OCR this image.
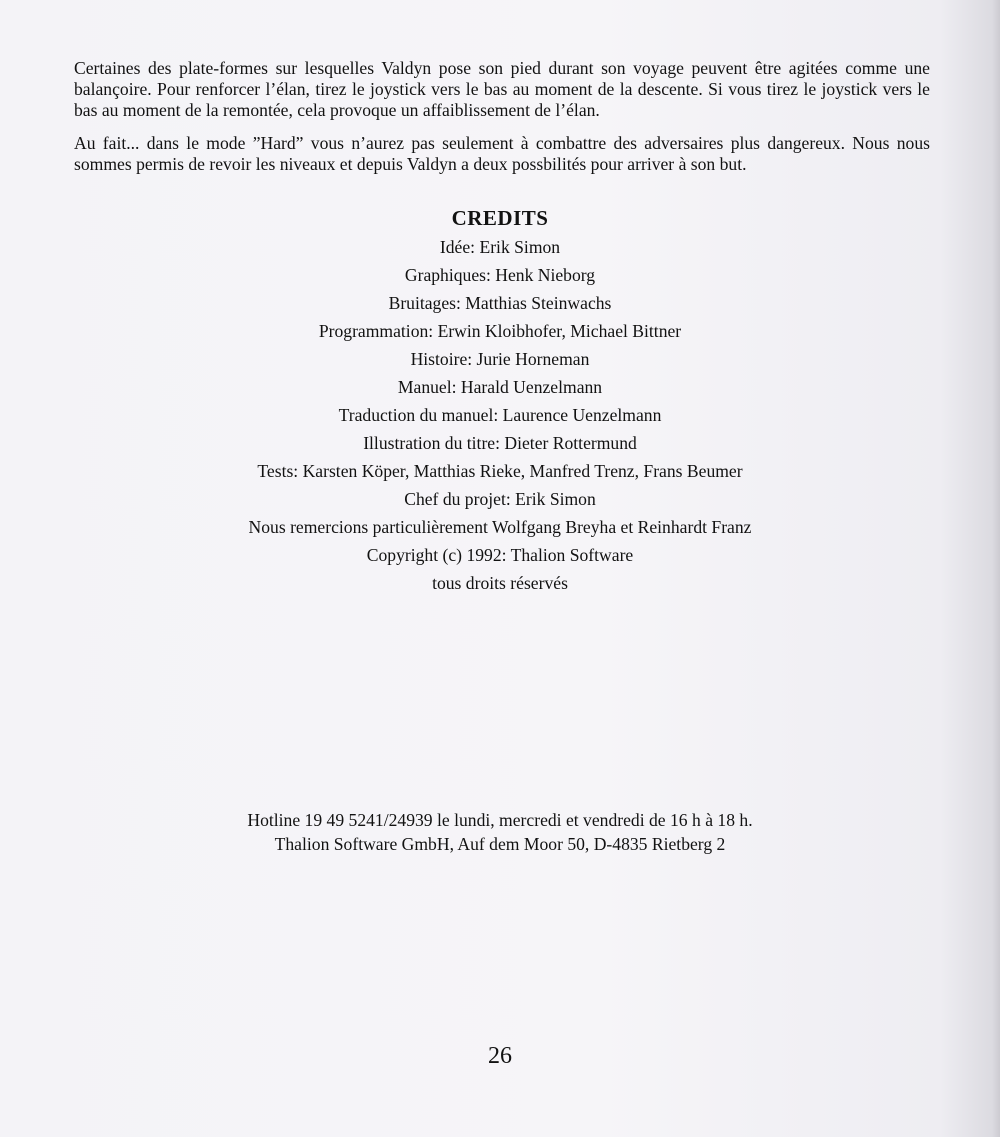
Certaines des plate-formes sur lesquelles Valdyn pose son pied durant son voyage peuvent être agitées comme une balançoire. Pour renforcer l’élan, tirez le joystick vers le bas au moment de la descente. Si vous tirez le joystick vers le bas au moment de la remontée, cela provoque un affaiblissement de l’élan.

Au fait... dans le mode ”Hard” vous n’aurez pas seulement à combattre des adversaires plus dangereux. Nous nous sommes permis de revoir les niveaux et depuis Valdyn a deux possbilités pour arriver à son but.

CREDITS
Idée: Erik Simon
Graphiques: Henk Nieborg
Bruitages: Matthias Steinwachs
Programmation: Erwin Kloibhofer, Michael Bittner
Histoire: Jurie Horneman
Manuel: Harald Uenzelmann
Traduction du manuel: Laurence Uenzelmann
Illustration du titre: Dieter Rottermund
Tests: Karsten Köper, Matthias Rieke, Manfred Trenz, Frans Beumer
Chef du projet: Erik Simon
Nous remercions particulièrement Wolfgang Breyha et Reinhardt Franz
Copyright (c) 1992: Thalion Software
tous droits réservés
Hotline 19 49 5241/24939 le lundi, mercredi et vendredi de 16 h à 18 h.
Thalion Software GmbH, Auf dem Moor 50, D-4835 Rietberg 2
26
